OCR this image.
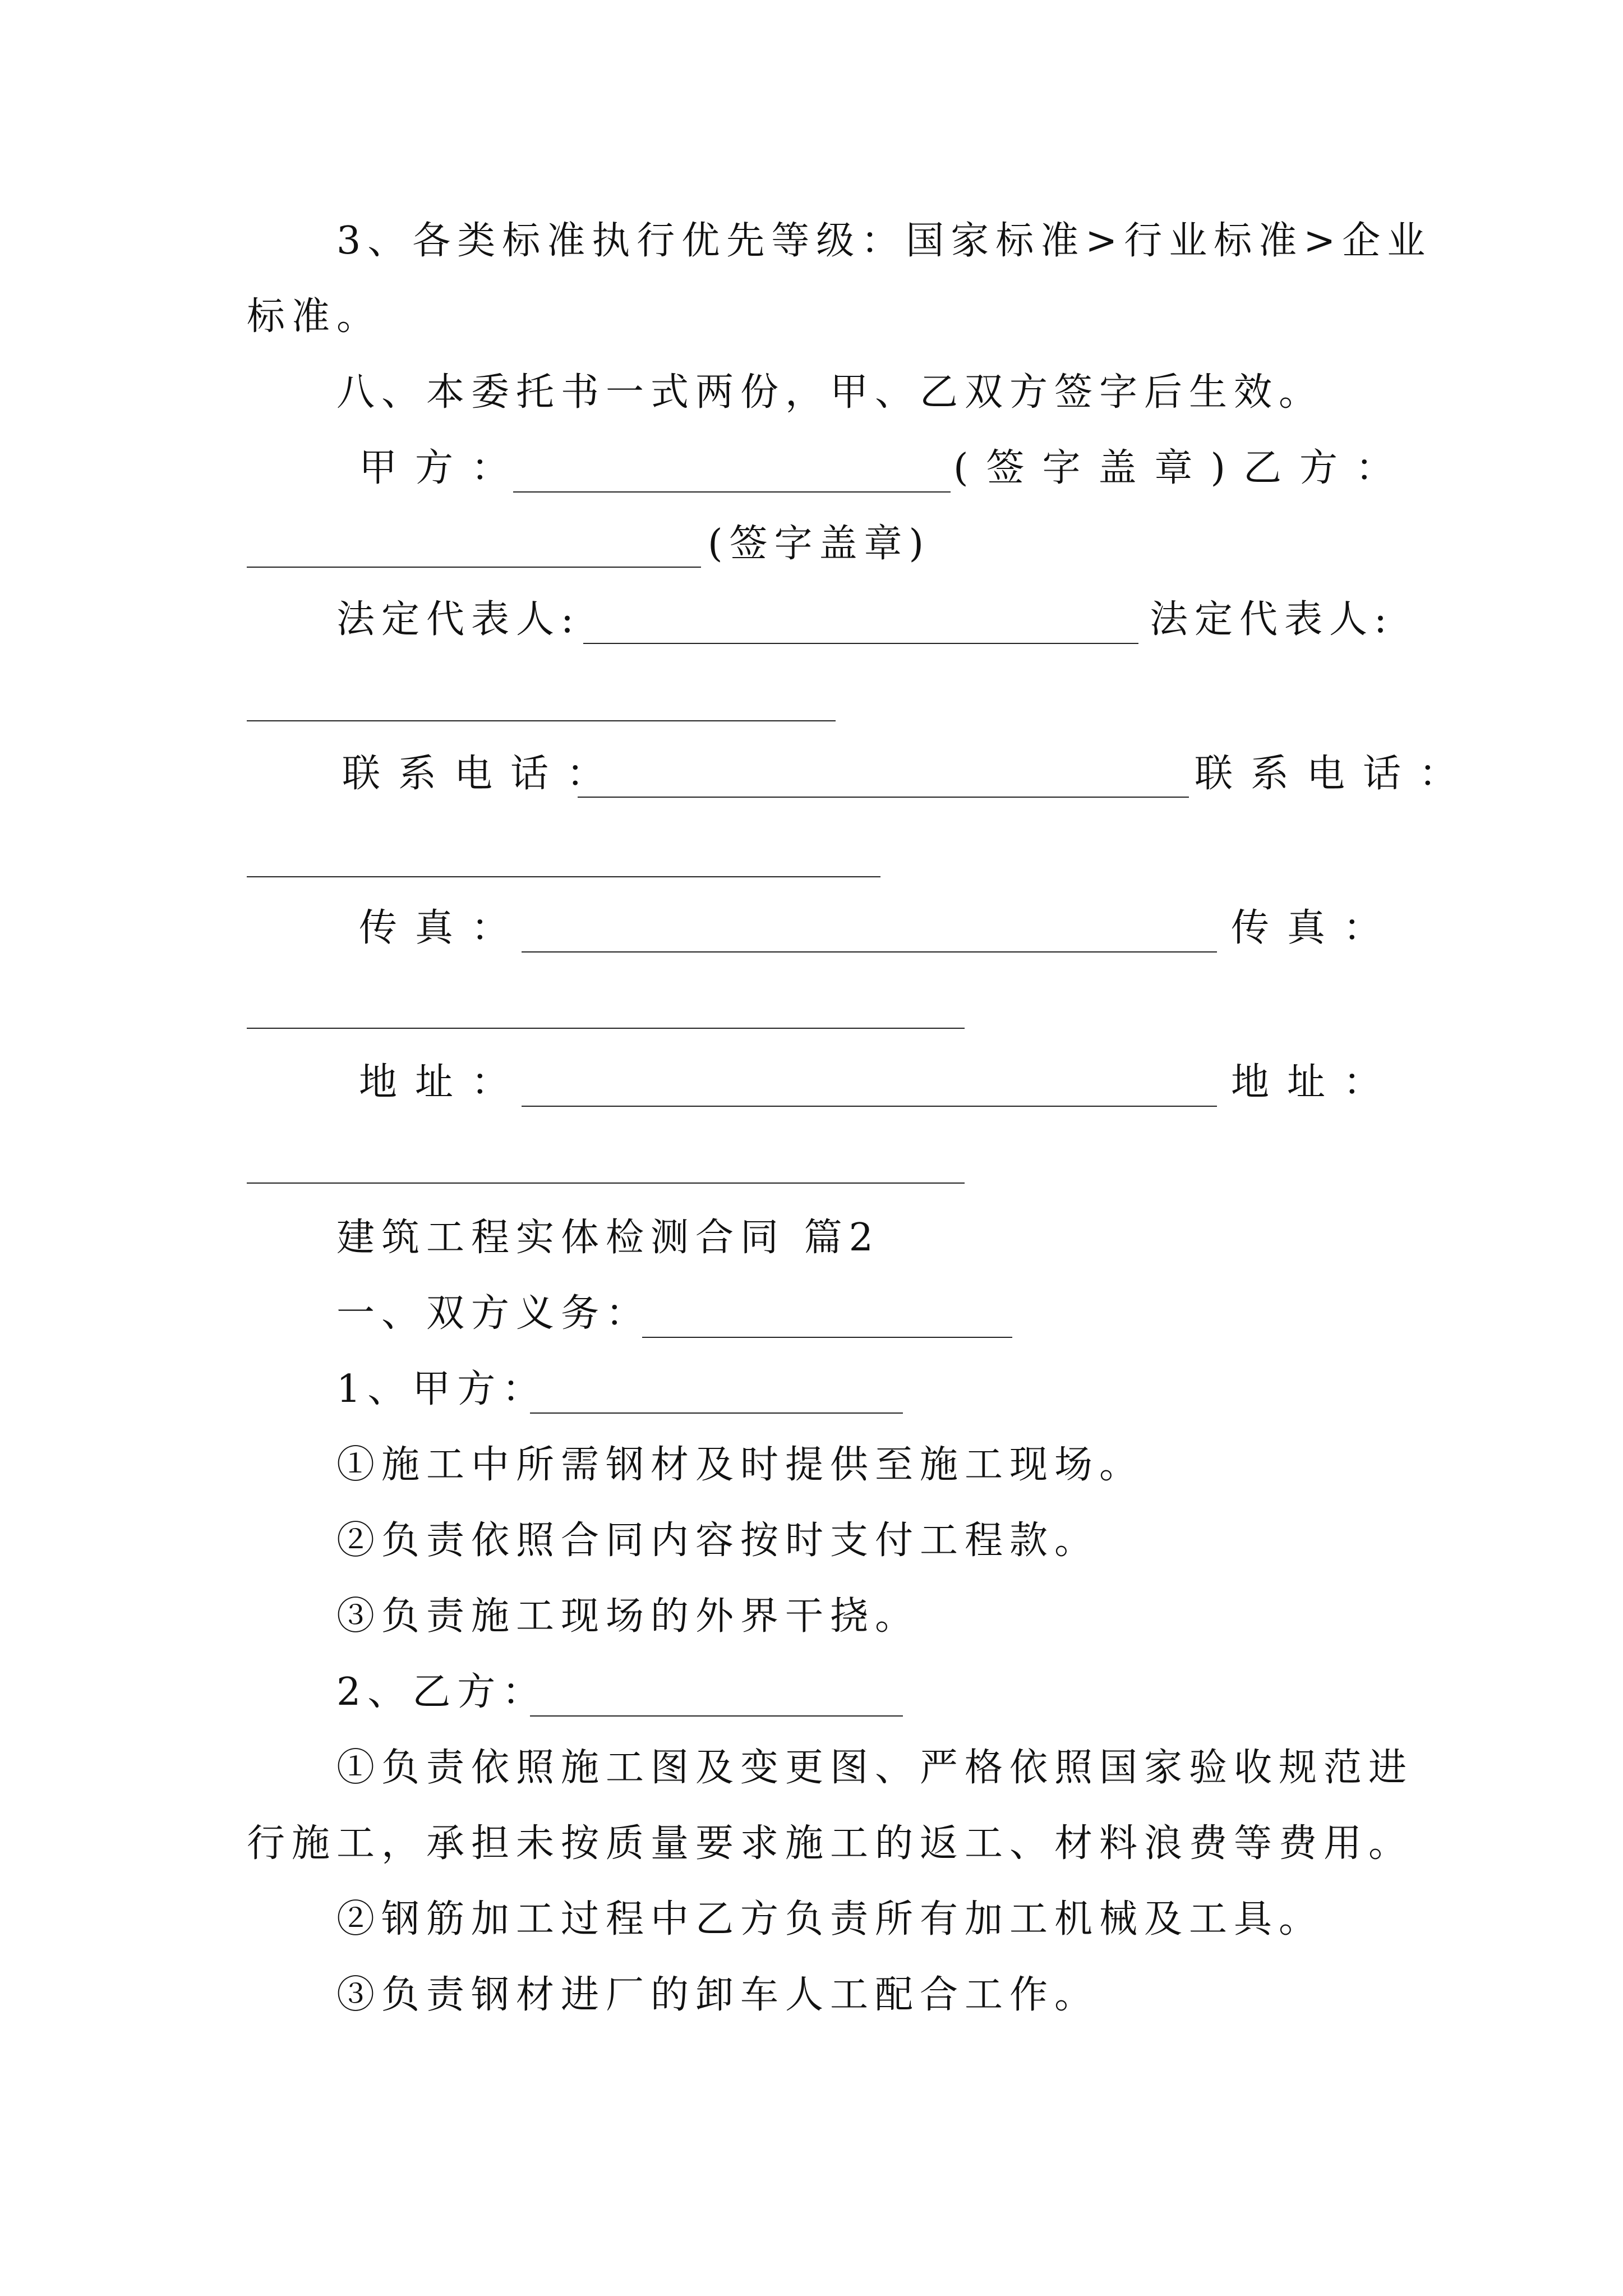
3、各类标准执行优先等级：国家标准>行业标准>企业
标准。
八、本委托书一式两份，甲、乙双方签字后生效。
甲方：	(签字盖章)乙方：
(签字盖章)
法定代表人:	法定代表人:
联系电话：	联系电话：
传真：	传真：
地址：	地址：
建筑工程实体检测合同 篇2
一、双方义务：
1、甲方：
①施工中所需钢材及时提供至施工现场。
②负责依照合同内容按时支付工程款。
③负责施工现场的外界干挠。
2、乙方：
①负责依照施工图及变更图、严格依照国家验收规范进
行施工，承担未按质量要求施工的返工、材料浪费等费用。
②钢筋加工过程中乙方负责所有加工机械及工具。
③负责钢材进厂的卸车人工配合工作。
